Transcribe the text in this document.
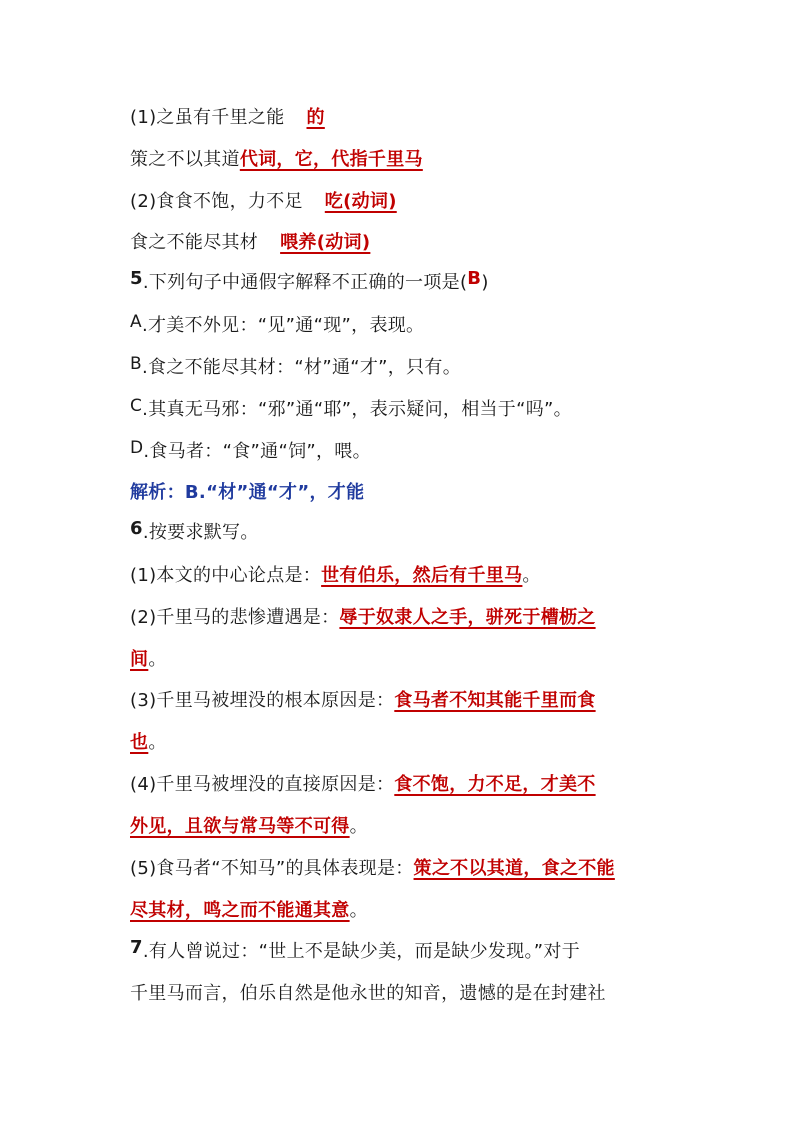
(1)之虽有千里之能 的
策之不以其道代词，它，代指千里马
(2)食食不饱，力不足 吃(动词)
食之不能尽其材 喂养(动词)
5.下列句子中通假字解释不正确的一项是(B)
A.才美不外见：“见”通“现”，表现。
B.食之不能尽其材：“材”通“才”，只有。
C.其真无马邪：“邪”通“耶”，表示疑问，相当于“吗”。
D.食马者：“食”通“饲”，喂。
解析：B.“材”通“才”，才能
6.按要求默写。
(1)本文的中心论点是：世有伯乐，然后有千里马。
(2)千里马的悲惨遭遇是：辱于奴隶人之手，骈死于槽枥之
间。
(3)千里马被埋没的根本原因是：食马者不知其能千里而食
也。
(4)千里马被埋没的直接原因是：食不饱，力不足，才美不
外见，且欲与常马等不可得。
(5)食马者“不知马”的具体表现是：策之不以其道，食之不能
尽其材，鸣之而不能通其意。
7.有人曾说过：“世上不是缺少美，而是缺少发现。”对于
千里马而言，伯乐自然是他永世的知音，遗憾的是在封建社
